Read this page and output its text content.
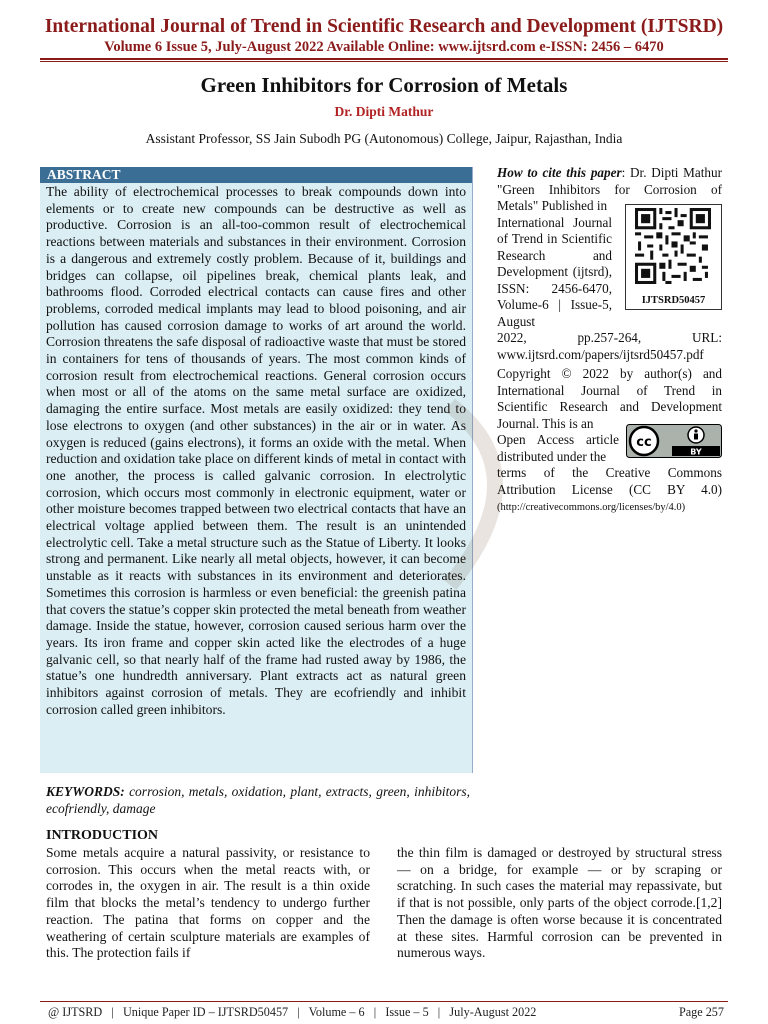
International Journal of Trend in Scientific Research and Development (IJTSRD)
Volume 6 Issue 5, July-August 2022 Available Online: www.ijtsrd.com e-ISSN: 2456 – 6470
Green Inhibitors for Corrosion of Metals
Dr. Dipti Mathur
Assistant Professor, SS Jain Subodh PG (Autonomous) College, Jaipur, Rajasthan, India
ABSTRACT
The ability of electrochemical processes to break compounds down into elements or to create new compounds can be destructive as well as productive. Corrosion is an all-too-common result of electrochemical reactions between materials and substances in their environment. Corrosion is a dangerous and extremely costly problem. Because of it, buildings and bridges can collapse, oil pipelines break, chemical plants leak, and bathrooms flood. Corroded electrical contacts can cause fires and other problems, corroded medical implants may lead to blood poisoning, and air pollution has caused corrosion damage to works of art around the world. Corrosion threatens the safe disposal of radioactive waste that must be stored in containers for tens of thousands of years. The most common kinds of corrosion result from electrochemical reactions. General corrosion occurs when most or all of the atoms on the same metal surface are oxidized, damaging the entire surface. Most metals are easily oxidized: they tend to lose electrons to oxygen (and other substances) in the air or in water. As oxygen is reduced (gains electrons), it forms an oxide with the metal. When reduction and oxidation take place on different kinds of metal in contact with one another, the process is called galvanic corrosion. In electrolytic corrosion, which occurs most commonly in electronic equipment, water or other moisture becomes trapped between two electrical contacts that have an electrical voltage applied between them. The result is an unintended electrolytic cell. Take a metal structure such as the Statue of Liberty. It looks strong and permanent. Like nearly all metal objects, however, it can become unstable as it reacts with substances in its environment and deteriorates. Sometimes this corrosion is harmless or even beneficial: the greenish patina that covers the statue’s copper skin protected the metal beneath from weather damage. Inside the statue, however, corrosion caused serious harm over the years. Its iron frame and copper skin acted like the electrodes of a huge galvanic cell, so that nearly half of the frame had rusted away by 1986, the statue’s one hundredth anniversary. Plant extracts act as natural green inhibitors against corrosion of metals. They are ecofriendly and inhibit corrosion called green inhibitors.
KEYWORDS: corrosion, metals, oxidation, plant, extracts, green, inhibitors, ecofriendly, damage
INTRODUCTION
Some metals acquire a natural passivity, or resistance to corrosion. This occurs when the metal reacts with, or corrodes in, the oxygen in air. The result is a thin oxide film that blocks the metal’s tendency to undergo further reaction. The patina that forms on copper and the weathering of certain sculpture materials are examples of this. The protection fails if
the thin film is damaged or destroyed by structural stress — on a bridge, for example — or by scraping or scratching. In such cases the material may repassivate, but if that is not possible, only parts of the object corrode.[1,2] Then the damage is often worse because it is concentrated at these sites. Harmful corrosion can be prevented in numerous ways.
How to cite this paper: Dr. Dipti Mathur "Green Inhibitors for Corrosion of Metals" Published in
International Journal of Trend in Scientific Research and Development (ijtsrd), ISSN: 2456-6470, Volume-6 | Issue-5, August
2022, pp.257-264, URL: www.ijtsrd.com/papers/ijtsrd50457.pdf
IJTSRD50457
Copyright © 2022 by author(s) and International Journal of Trend in Scientific Research and Development Journal. This is an
Open Access article distributed under the
terms of the Creative Commons Attribution License (CC BY 4.0) (http://creativecommons.org/licenses/by/4.0)
cc
BY
@ IJTSRD   |   Unique Paper ID – IJTSRD50457   |   Volume – 6   |   Issue – 5   |   July-August 2022	Page 257
